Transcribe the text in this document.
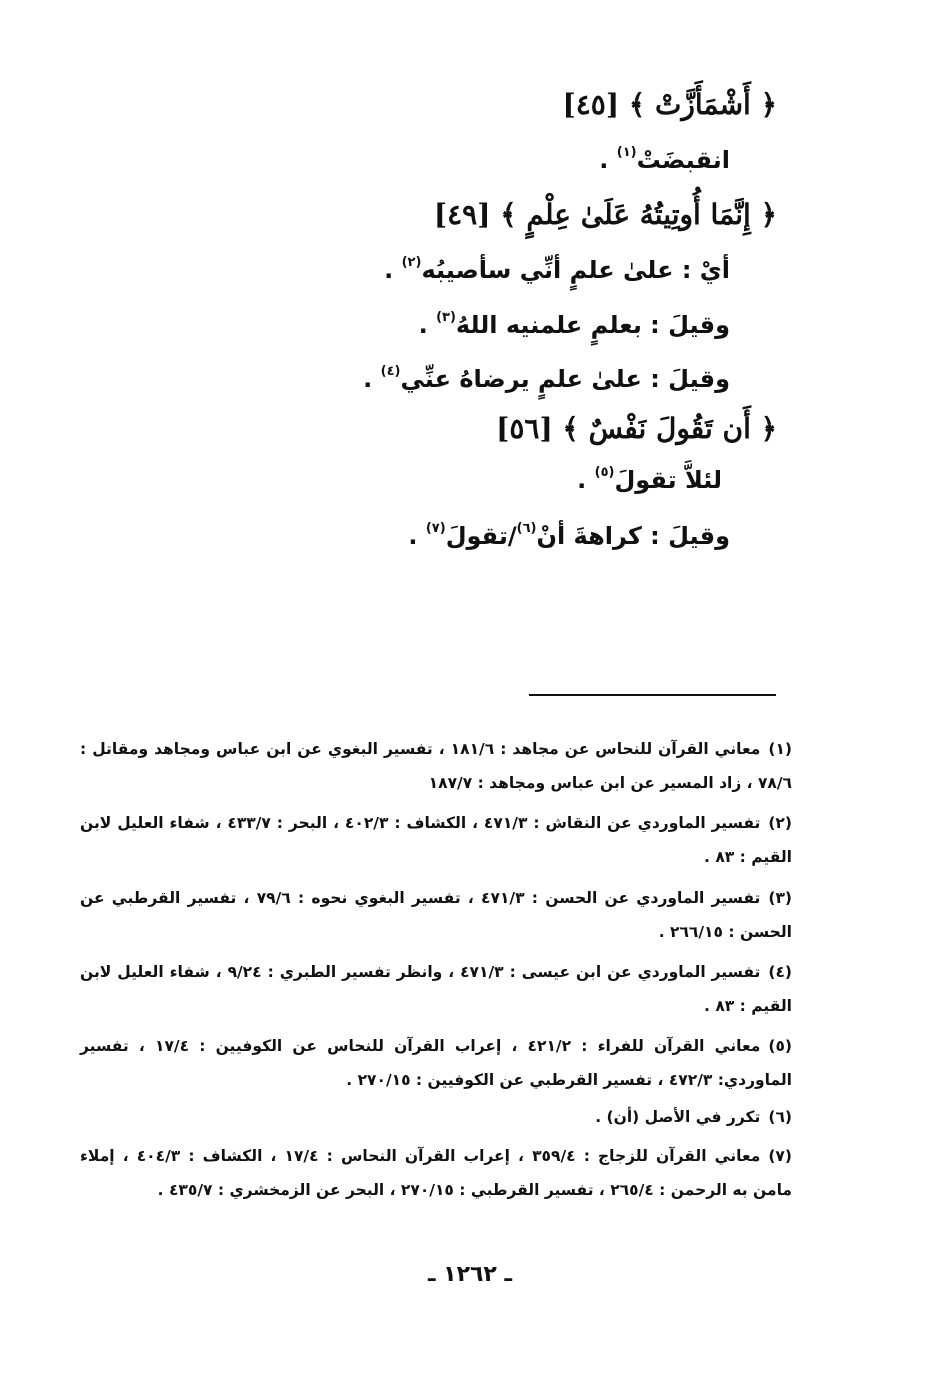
﴿ أَشْمَأَزَّتْ ﴾ [٤٥]
انقبضَتْ$^{(١)}$ .
﴿ إِنَّمَا أُوتِيتُهُ عَلَىٰ عِلْمٍ ﴾ [٤٩]
أيْ : علىٰ علمٍ أنِّي سأصيبُه$^{(٢)}$ .
وقيلَ : بعلمٍ علمنيه اللهُ$^{(٣)}$ .
وقيلَ : علىٰ علمٍ يرضاهُ عنِّي$^{(٤)}$ .
﴿ أَن تَقُولَ نَفْسٌ ﴾ [٥٦]
لئلاَّ تقولَ$^{(٥)}$ .
وقيلَ : كراهةَ أنْ$^{(٦)}$/تقولَ$^{(٧)}$ .
(١)معاني القرآن للنحاس عن مجاهد : ١٨١/٦ ، تفسير البغوي عن ابن عباس ومجاهد ومقاتل : ٧٨/٦ ، زاد المسير عن ابن عباس ومجاهد : ١٨٧/٧
(٢)تفسير الماوردي عن النقاش : ٤٧١/٣ ، الكشاف : ٤٠٢/٣ ، البحر : ٤٣٣/٧ ، شفاء العليل لابن القيم : ٨٣ .
(٣)تفسير الماوردي عن الحسن : ٤٧١/٣ ، تفسير البغوي نحوه : ٧٩/٦ ، تفسير القرطبي عن الحسن : ٢٦٦/١٥ .
(٤)تفسير الماوردي عن ابن عيسى : ٤٧١/٣ ، وانظر تفسير الطبري : ٩/٢٤ ، شفاء العليل لابن القيم : ٨٣ .
(٥)معاني القرآن للفراء : ٤٢١/٢ ، إعراب القرآن للنحاس عن الكوفيين : ١٧/٤ ، تفسير الماوردي: ٤٧٢/٣ ، تفسير القرطبي عن الكوفيين : ٢٧٠/١٥ .
(٦)تكرر في الأصل (أن) .
(٧)معاني القرآن للزجاج : ٣٥٩/٤ ، إعراب القرآن النحاس : ١٧/٤ ، الكشاف : ٤٠٤/٣ ، إملاء مامن به الرحمن : ٢٦٥/٤ ، تفسير القرطبي : ٢٧٠/١٥ ، البحر عن الزمخشري : ٤٣٥/٧ .
ـ ١٢٦٢ ـ
